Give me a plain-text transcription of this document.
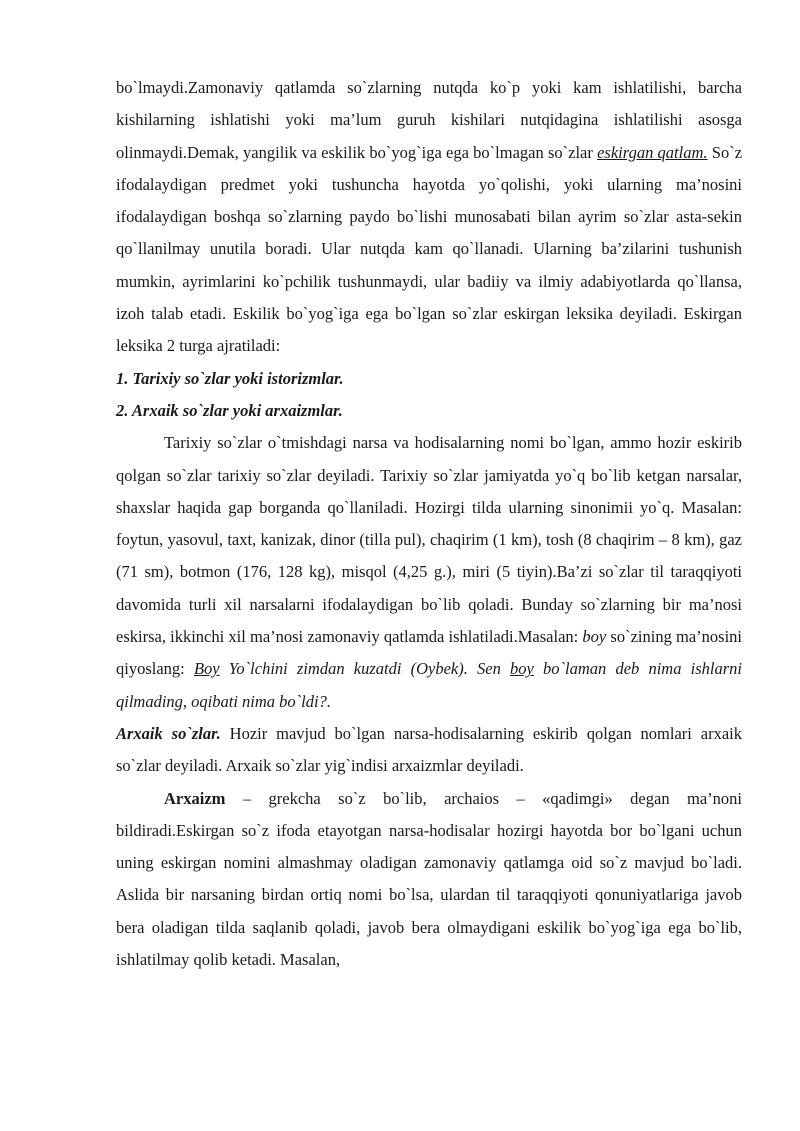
bo`lmaydi.Zamonaviy qatlamda so`zlarning nutqda ko`p yoki kam ishlatilishi, barcha kishilarning ishlatishi yoki ma’lum guruh kishilari nutqidagina ishlatilishi asosga olinmaydi.Demak, yangilik va eskilik bo`yog`iga ega bo`lmagan so`zlar eskirgan qatlam. So`z ifodalaydigan predmet yoki tushuncha hayotda yo`qolishi, yoki ularning ma’nosini ifodalaydigan boshqa so`zlarning paydo bo`lishi munosabati bilan ayrim so`zlar asta-sekin qo`llanilmay unutila boradi. Ular nutqda kam qo`llanadi. Ularning ba’zilarini tushunish mumkin, ayrimlarini ko`pchilik tushunmaydi, ular badiiy va ilmiy adabiyotlarda qo`llansa, izoh talab etadi. Eskilik bo`yog`iga ega bo`lgan so`zlar eskirgan leksika deyiladi. Eskirgan leksika 2 turga ajratiladi:

1. Tarixiy so`zlar yoki istorizmlar.

2. Arxaik so`zlar yoki arxaizmlar.

Tarixiy so`zlar o`tmishdagi narsa va hodisalarning nomi bo`lgan, ammo hozir eskirib qolgan so`zlar tarixiy so`zlar deyiladi. Tarixiy so`zlar jamiyatda yo`q bo`lib ketgan narsalar, shaxslar haqida gap borganda qo`llaniladi. Hozirgi tilda ularning sinonimii yo`q. Masalan: foytun, yasovul, taxt, kanizak, dinor (tilla pul), chaqirim (1 km), tosh (8 chaqirim – 8 km), gaz (71 sm), botmon (176, 128 kg), misqol (4,25 g.), miri (5 tiyin).Ba’zi so`zlar til taraqqiyoti davomida turli xil narsalarni ifodalaydigan bo`lib qoladi. Bunday so`zlarning bir ma’nosi eskirsa, ikkinchi xil ma’nosi zamonaviy qatlamda ishlatiladi.Masalan: boy so`zining ma’nosini qiyoslang: Boy Yo`lchini zimdan kuzatdi (Oybek). Sen boy bo`laman deb nima ishlarni qilmading, oqibati nima bo`ldi?.

Arxaik so`zlar. Hozir mavjud bo`lgan narsa-hodisalarning eskirib qolgan nomlari arxaik so`zlar deyiladi. Arxaik so`zlar yig`indisi arxaizmlar deyiladi.

Arxaizm – grekcha so`z bo`lib, archaios – «qadimgi» degan ma’noni bildiradi.Eskirgan so`z ifoda etayotgan narsa-hodisalar hozirgi hayotda bor bo`lgani uchun uning eskirgan nomini almashmay oladigan zamonaviy qatlamga oid so`z mavjud bo`ladi. Aslida bir narsaning birdan ortiq nomi bo`lsa, ulardan til taraqqiyoti qonuniyatlariga javob bera oladigan tilda saqlanib qoladi, javob bera olmaydigani eskilik bo`yog`iga ega bo`lib, ishlatilmay qolib ketadi. Masalan,
